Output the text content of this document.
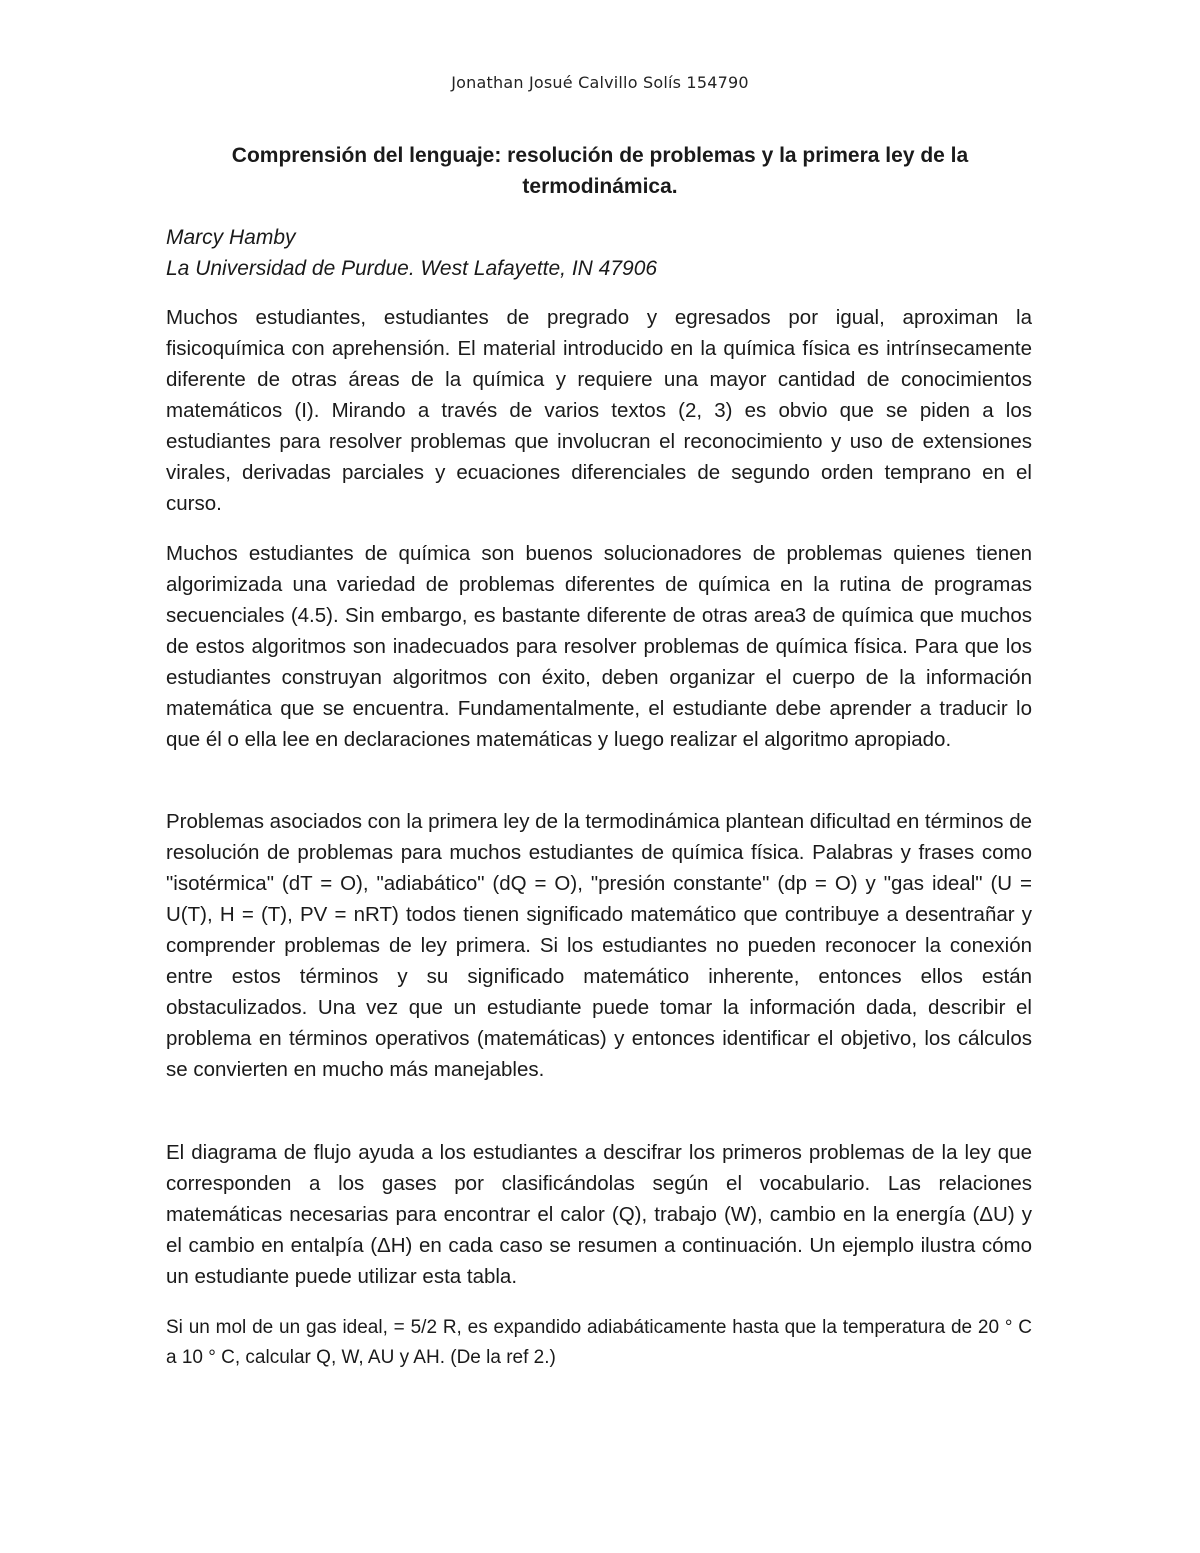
Jonathan Josué Calvillo Solís 154790
Comprensión del lenguaje: resolución de problemas y la primera ley de la termodinámica.
Marcy Hamby
La Universidad de Purdue. West Lafayette, IN 47906

Muchos estudiantes, estudiantes de pregrado y egresados por igual, aproximan la fisicoquímica con aprehensión. El material introducido en la química física es intrínsecamente diferente de otras áreas de la química y requiere una mayor cantidad de conocimientos matemáticos (I). Mirando a través de varios textos (2, 3) es obvio que se piden a los estudiantes para resolver problemas que involucran el reconocimiento y uso de extensiones virales, derivadas parciales y ecuaciones diferenciales de segundo orden temprano en el curso.

Muchos estudiantes de química son buenos solucionadores de problemas quienes tienen algorimizada una variedad de problemas diferentes de química en la rutina de programas secuenciales (4.5). Sin embargo, es bastante diferente de otras area3 de química que muchos de estos algoritmos son inadecuados para resolver problemas de química física. Para que los estudiantes construyan algoritmos con éxito, deben organizar el cuerpo de la información matemática que se encuentra. Fundamentalmente, el estudiante debe aprender a traducir lo que él o ella lee en declaraciones matemáticas y luego realizar el algoritmo apropiado.

Problemas asociados con la primera ley de la termodinámica plantean dificultad en términos de resolución de problemas para muchos estudiantes de química física. Palabras y frases como "isotérmica" (dT = O), "adiabático" (dQ = O), "presión constante" (dp = O) y "gas ideal" (U = U(T), H = (T), PV = nRT) todos tienen significado matemático que contribuye a desentrañar y comprender problemas de ley primera. Si los estudiantes no pueden reconocer la conexión entre estos términos y su significado matemático inherente, entonces ellos están obstaculizados. Una vez que un estudiante puede tomar la información dada, describir el problema en términos operativos (matemáticas) y entonces identificar el objetivo, los cálculos se convierten en mucho más manejables.

El diagrama de flujo ayuda a los estudiantes a descifrar los primeros problemas de la ley que corresponden a los gases por clasificándolas según el vocabulario. Las relaciones matemáticas necesarias para encontrar el calor (Q), trabajo (W), cambio en la energía (ΔU) y el cambio en entalpía (ΔH) en cada caso se resumen a continuación. Un ejemplo ilustra cómo un estudiante puede utilizar esta tabla.

Si un mol de un gas ideal, = 5/2 R, es expandido adiabáticamente hasta que la temperatura de 20 ° C a 10 ° C, calcular Q, W, AU y AH. (De la ref 2.)
